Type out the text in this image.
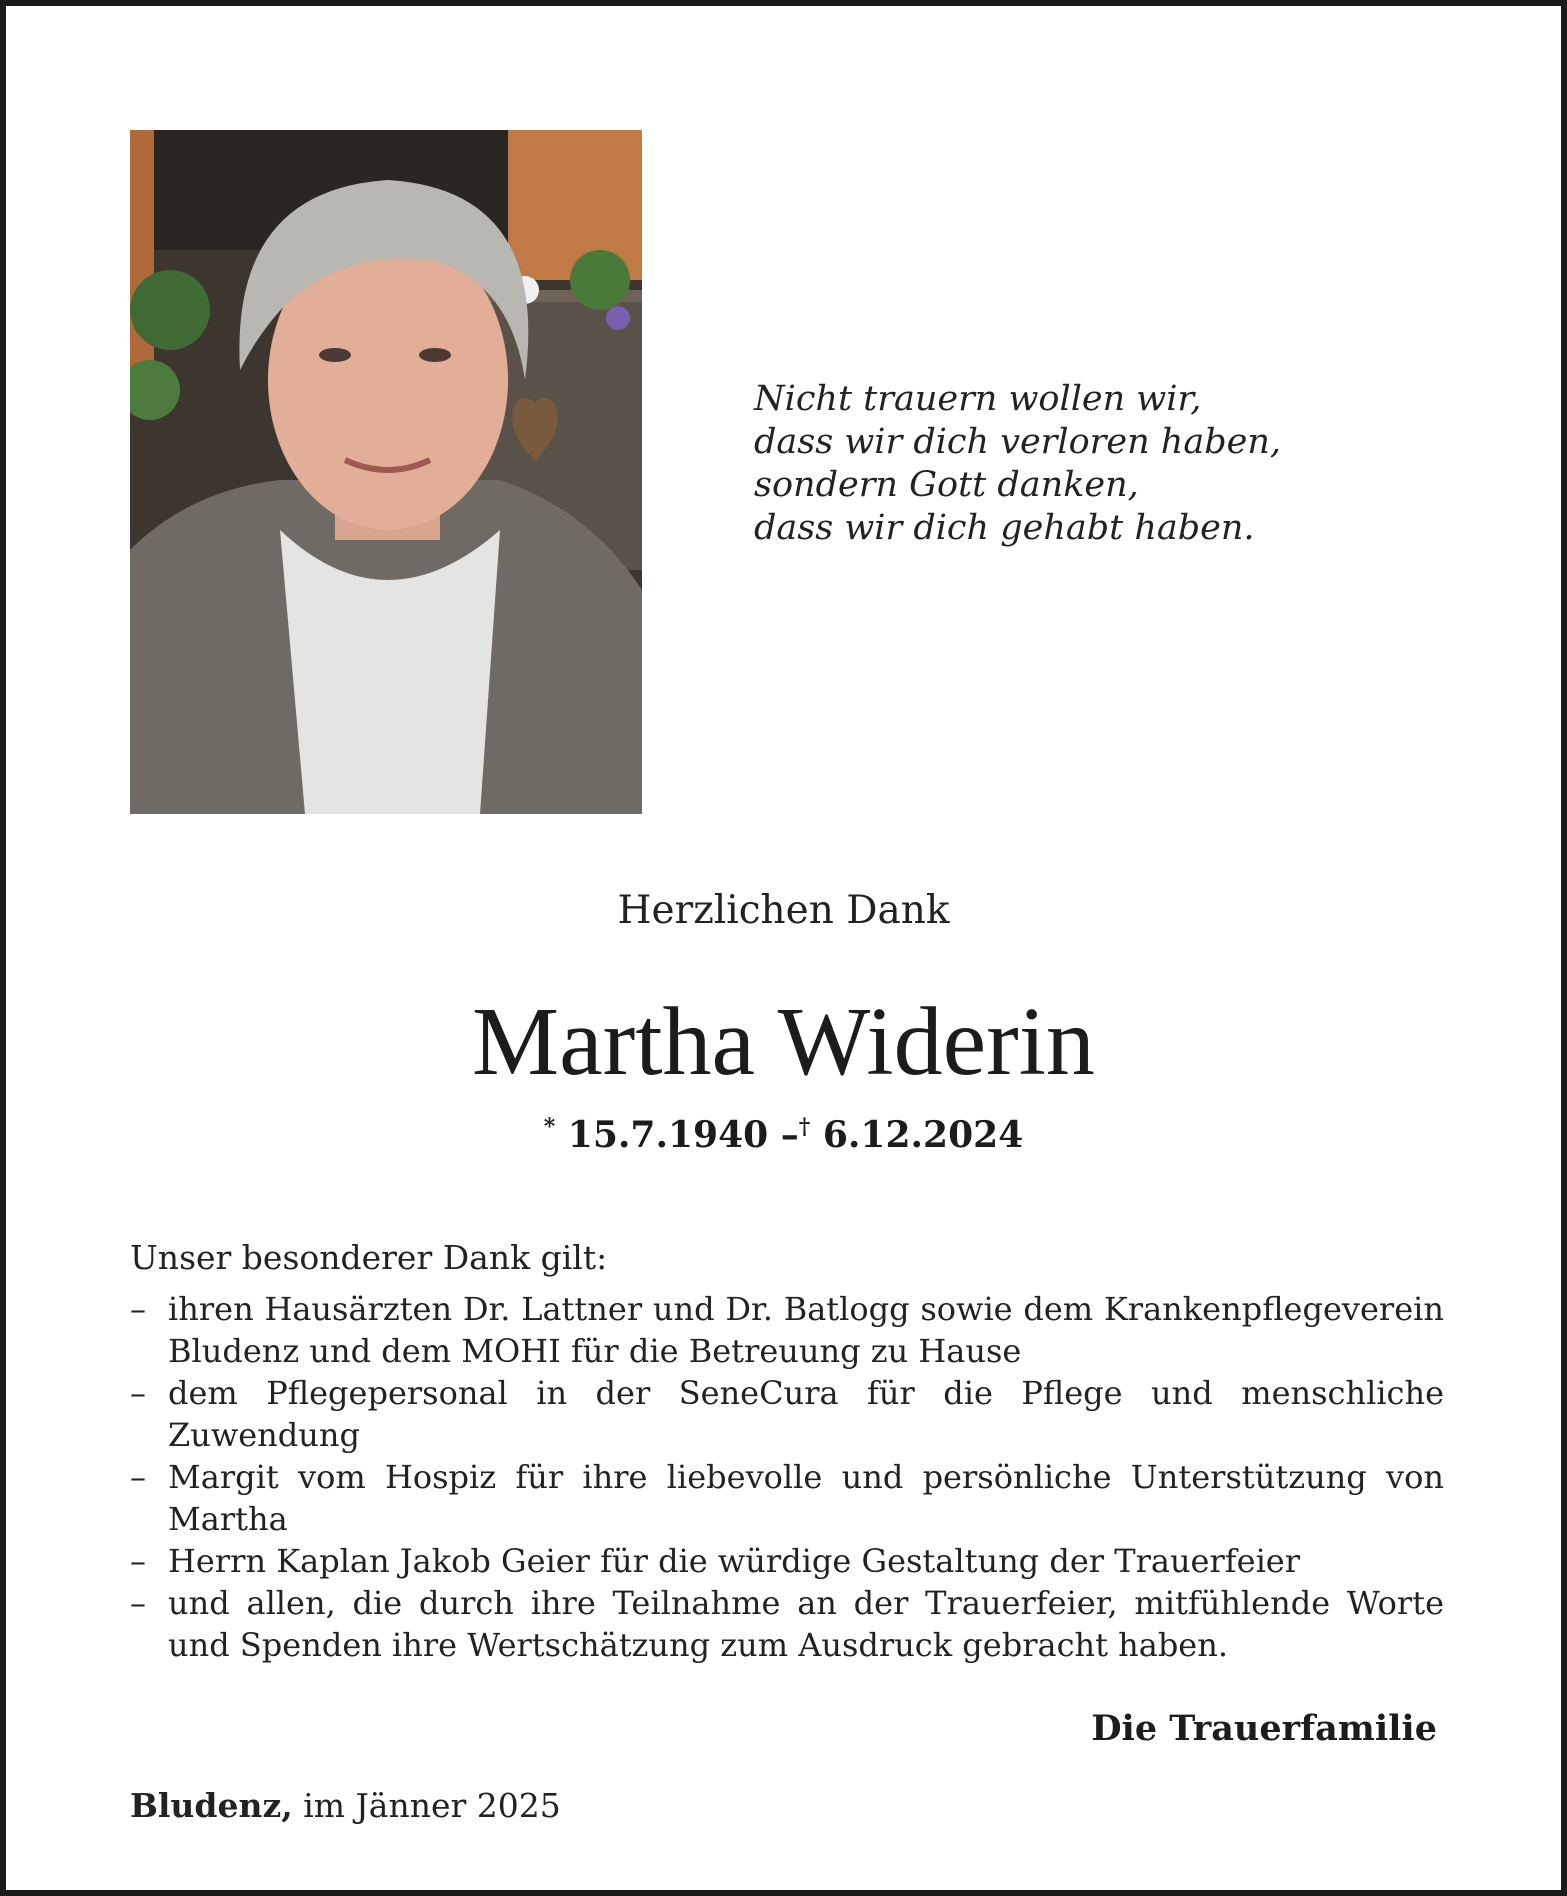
Nicht trauern wollen wir,
dass wir dich verloren haben,
sondern Gott danken,
dass wir dich gehabt haben.
Herzlichen Dank
Martha Widerin
* 15.7.1940 –† 6.12.2024
Unser besonderer Dank gilt:
– ihren Hausärzten Dr. Lattner und Dr. Batlogg sowie dem Krankenpflegeverein Bludenz und dem MOHI für die Betreuung zu Hause
– dem Pflegepersonal in der SeneCura für die Pflege und menschliche Zuwendung
– Margit vom Hospiz für ihre liebevolle und persönliche Unterstützung von Martha
– Herrn Kaplan Jakob Geier für die würdige Gestaltung der Trauerfeier
– und allen, die durch ihre Teilnahme an der Trauerfeier, mitfühlende Worte und Spenden ihre Wertschätzung zum Ausdruck gebracht haben.
Die Trauerfamilie
Bludenz, im Jänner 2025
